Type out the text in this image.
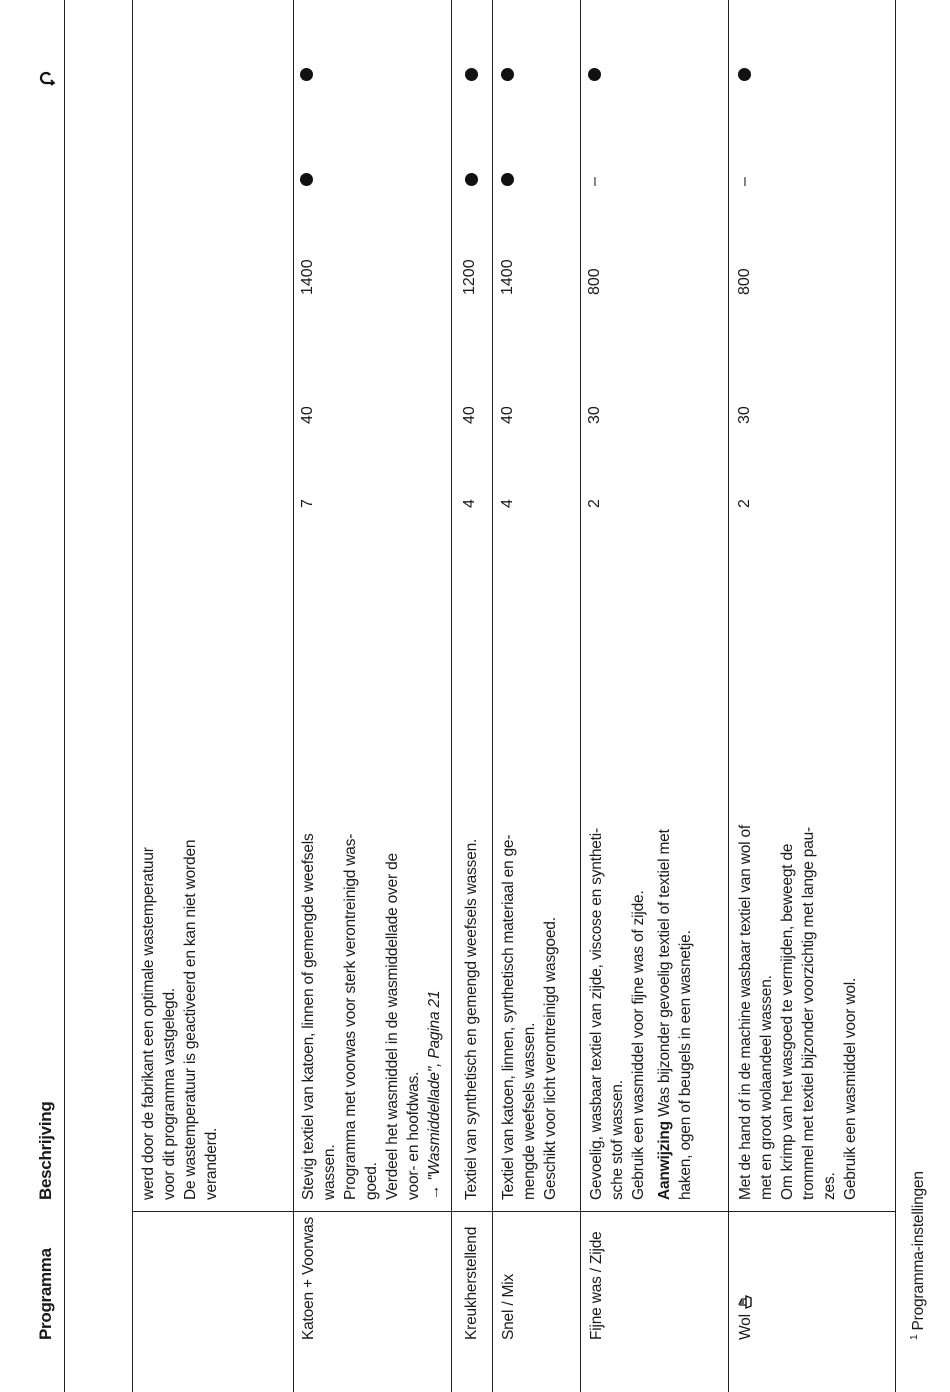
Programma
Beschrijving	werd door de fabrikant een optimale wastemperatuur voor dit programma vastgelegd. De wastemperatuur is geactiveerd en kan niet worden veranderd.
Katoen + Voorwas
Stevig textiel van katoen, linnen of gemengde weefsels wassen. Programma met voorwas voor sterk verontreinigd was- goed. Verdeel het wasmiddel in de wasmiddellade over de voor- en hoofdwas. → "Wasmiddellade", Pagina 21
7
40
1400
Kreukherstellend
Textiel van synthetisch en gemengd weefsels wassen.
4
40
1200
Snel / Mix
Textiel van katoen, linnen, synthetisch materiaal en ge- mengde weefsels wassen. Geschikt voor licht verontreinigd wasgoed.
4
40
1400
Fijne was / Zijde
Gevoelig, wasbaar textiel van zijde, viscose en syntheti- sche stof wassen. Gebruik een wasmiddel voor fijne was of zijde. Aanwijzing Was bijzonder gevoelig textiel of textiel met haken, ogen of beugels in een wasnetje.
2
30
800
–
Wol
Met de hand of in de machine wasbaar textiel van wol of met en groot wolaandeel wassen. Om krimp van het wasgoed te vermijden, beweegt de trommel met textiel bijzonder voorzichtig met lange pau- zes. Gebruik een wasmiddel voor wol.
2
30
800
–
$^1$ Programma-instellingen
